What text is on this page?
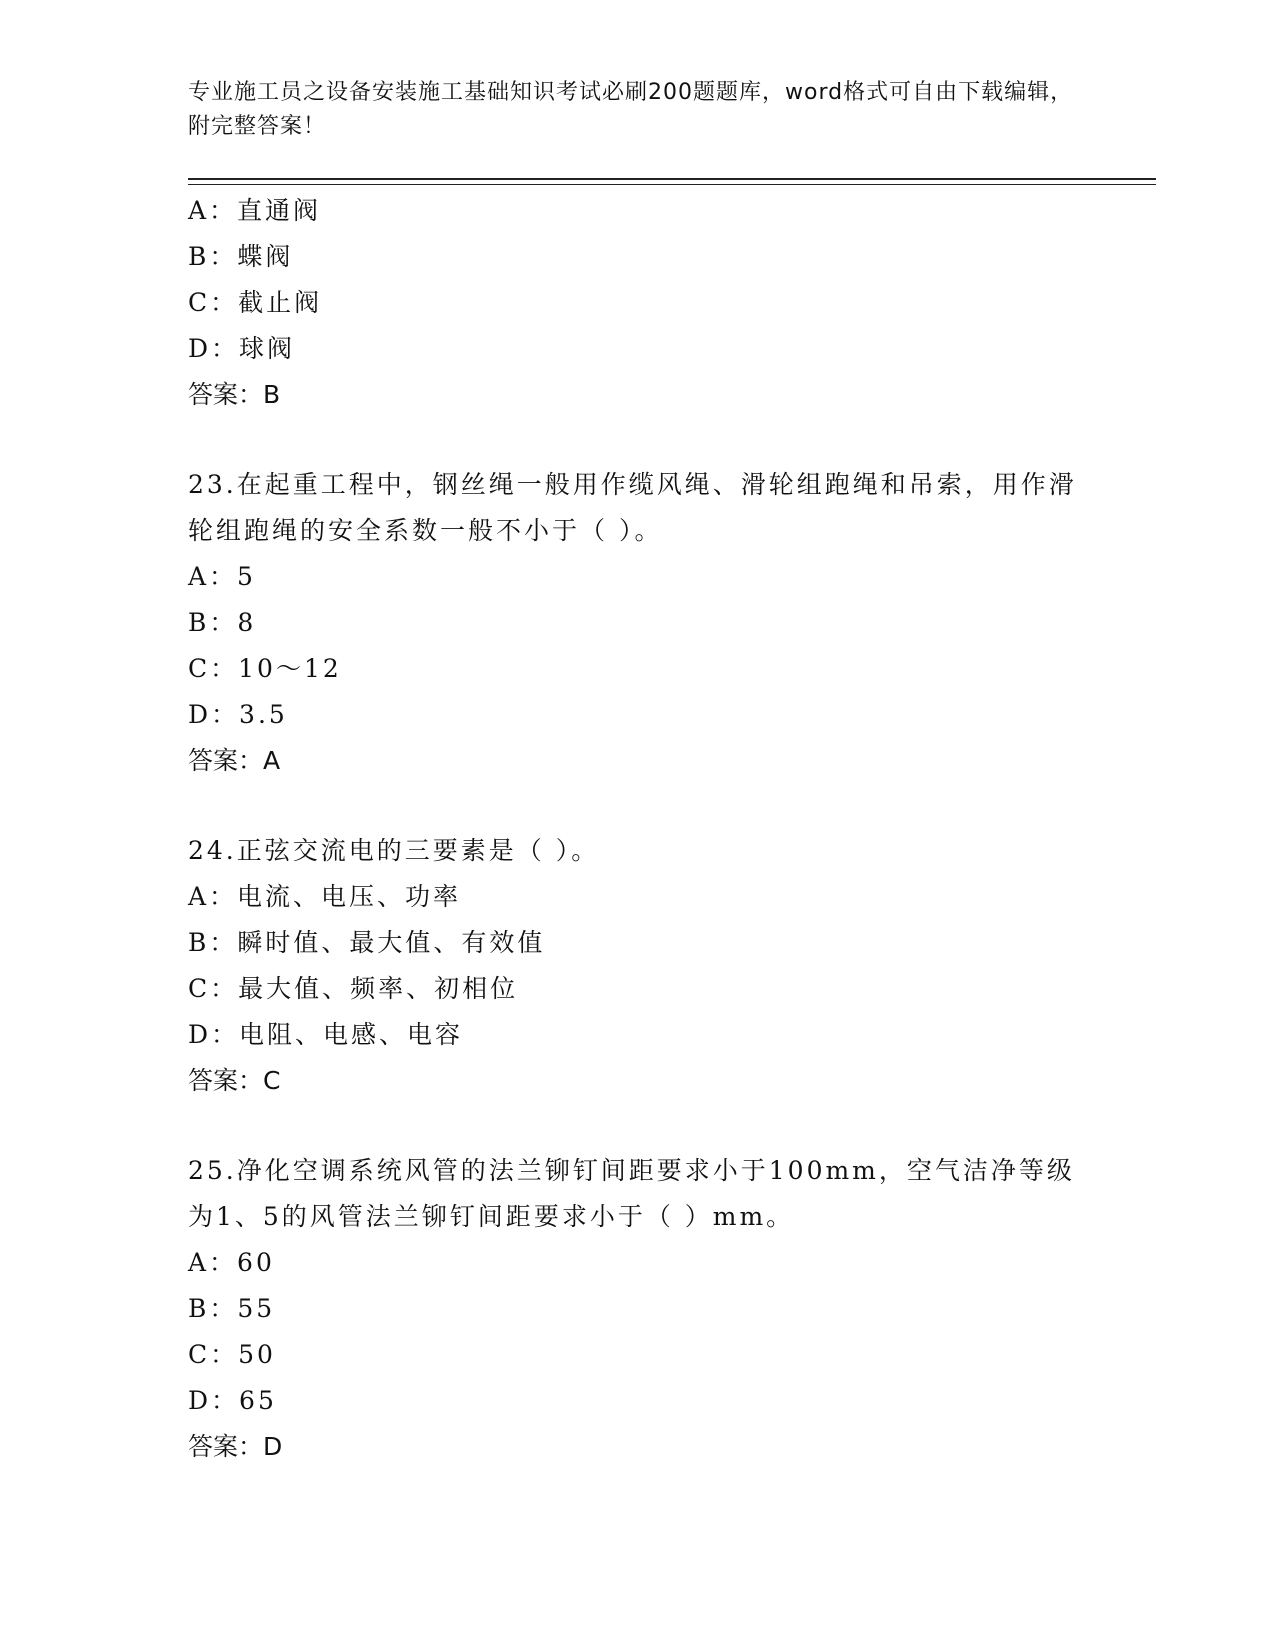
专业施工员之设备安装施工基础知识考试必刷200题题库，word格式可自由下载编辑，附完整答案！
A：直通阀
B：蝶阀
C：截止阀
D：球阀
答案：B
23.在起重工程中，钢丝绳一般用作缆风绳、滑轮组跑绳和吊索，用作滑轮组跑绳的安全系数一般不小于（ ）。
A：5
B：8
C：10～12
D：3.5
答案：A
24.正弦交流电的三要素是（ ）。
A：电流、电压、功率
B：瞬时值、最大值、有效值
C：最大值、频率、初相位
D：电阻、电感、电容
答案：C
25.净化空调系统风管的法兰铆钉间距要求小于100mm，空气洁净等级为1、5的风管法兰铆钉间距要求小于（ ）mm。
A：60
B：55
C：50
D：65
答案：D
